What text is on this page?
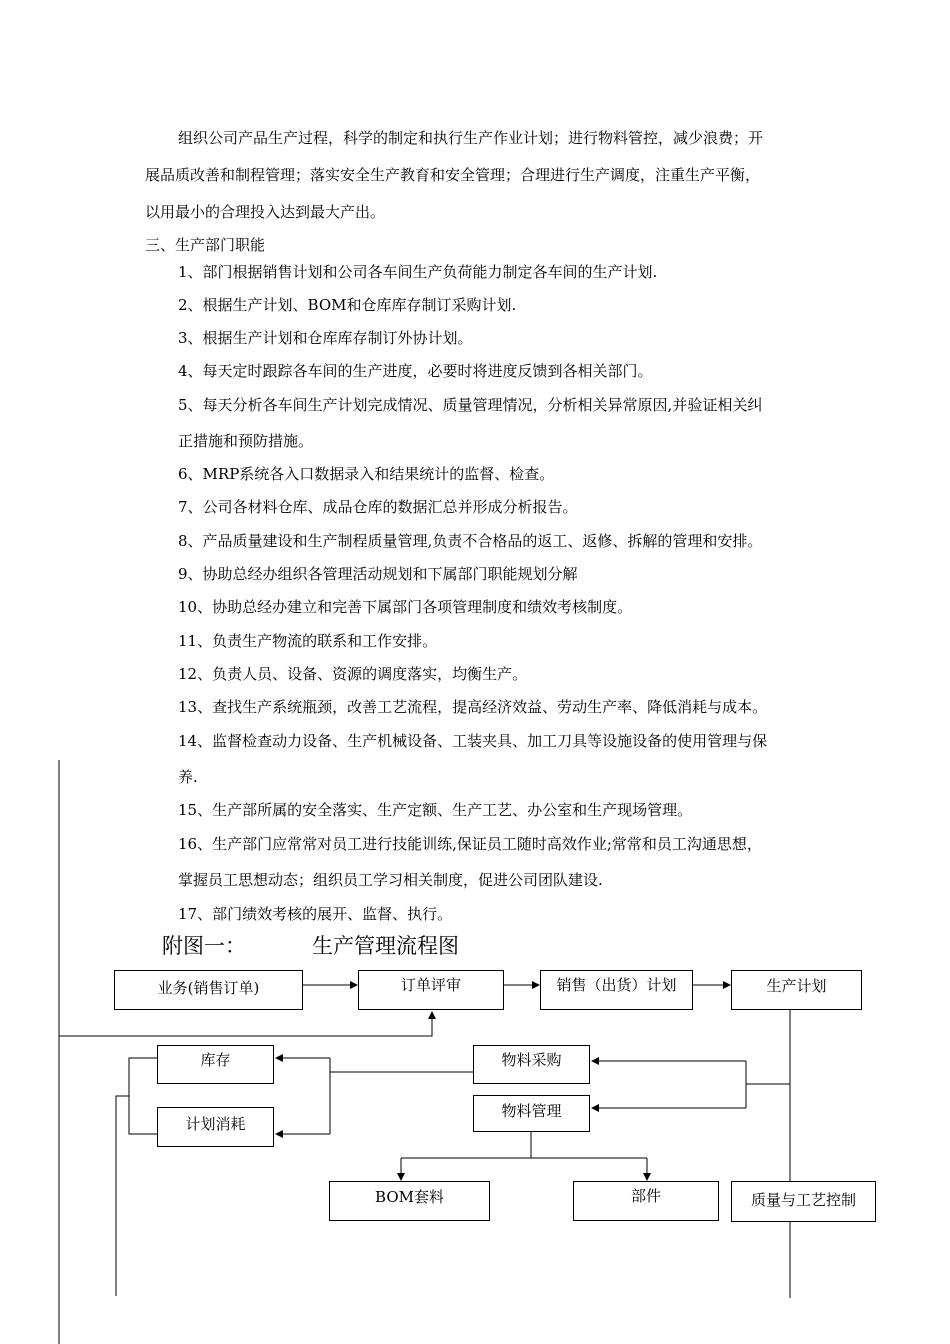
组织公司产品生产过程，科学的制定和执行生产作业计划；进行物料管控，减少浪费；开
展品质改善和制程管理；落实安全生产教育和安全管理；合理进行生产调度，注重生产平衡，
以用最小的合理投入达到最大产出。
三、生产部门职能
1、部门根据销售计划和公司各车间生产负荷能力制定各车间的生产计划.
2、根据生产计划、BOM和仓库库存制订采购计划.
3、根据生产计划和仓库库存制订外协计划。
4、每天定时跟踪各车间的生产进度，必要时将进度反馈到各相关部门。
5、每天分析各车间生产计划完成情况、质量管理情况，分析相关异常原因,并验证相关纠
正措施和预防措施。
6、MRP系统各入口数据录入和结果统计的监督、检查。
7、公司各材料仓库、成品仓库的数据汇总并形成分析报告。
8、产品质量建设和生产制程质量管理,负责不合格品的返工、返修、拆解的管理和安排。
9、协助总经办组织各管理活动规划和下属部门职能规划分解
10、协助总经办建立和完善下属部门各项管理制度和绩效考核制度。
11、负责生产物流的联系和工作安排。
12、负责人员、设备、资源的调度落实，均衡生产。
13、查找生产系统瓶颈，改善工艺流程，提高经济效益、劳动生产率、降低消耗与成本。
14、监督检查动力设备、生产机械设备、工装夹具、加工刀具等设施设备的使用管理与保
养.
15、生产部所属的安全落实、生产定额、生产工艺、办公室和生产现场管理。
16、生产部门应常常对员工进行技能训练,保证员工随时高效作业;常常和员工沟通思想，
掌握员工思想动态；组织员工学习相关制度，促进公司团队建设.
17、部门绩效考核的展开、监督、执行。
附图一：	生产管理流程图
业务(销售订单)	订单评审	销售（出货）计划	生产计划
库存	物料采购
计划消耗
物料管理
BOM套料	部件	质量与工艺控制
